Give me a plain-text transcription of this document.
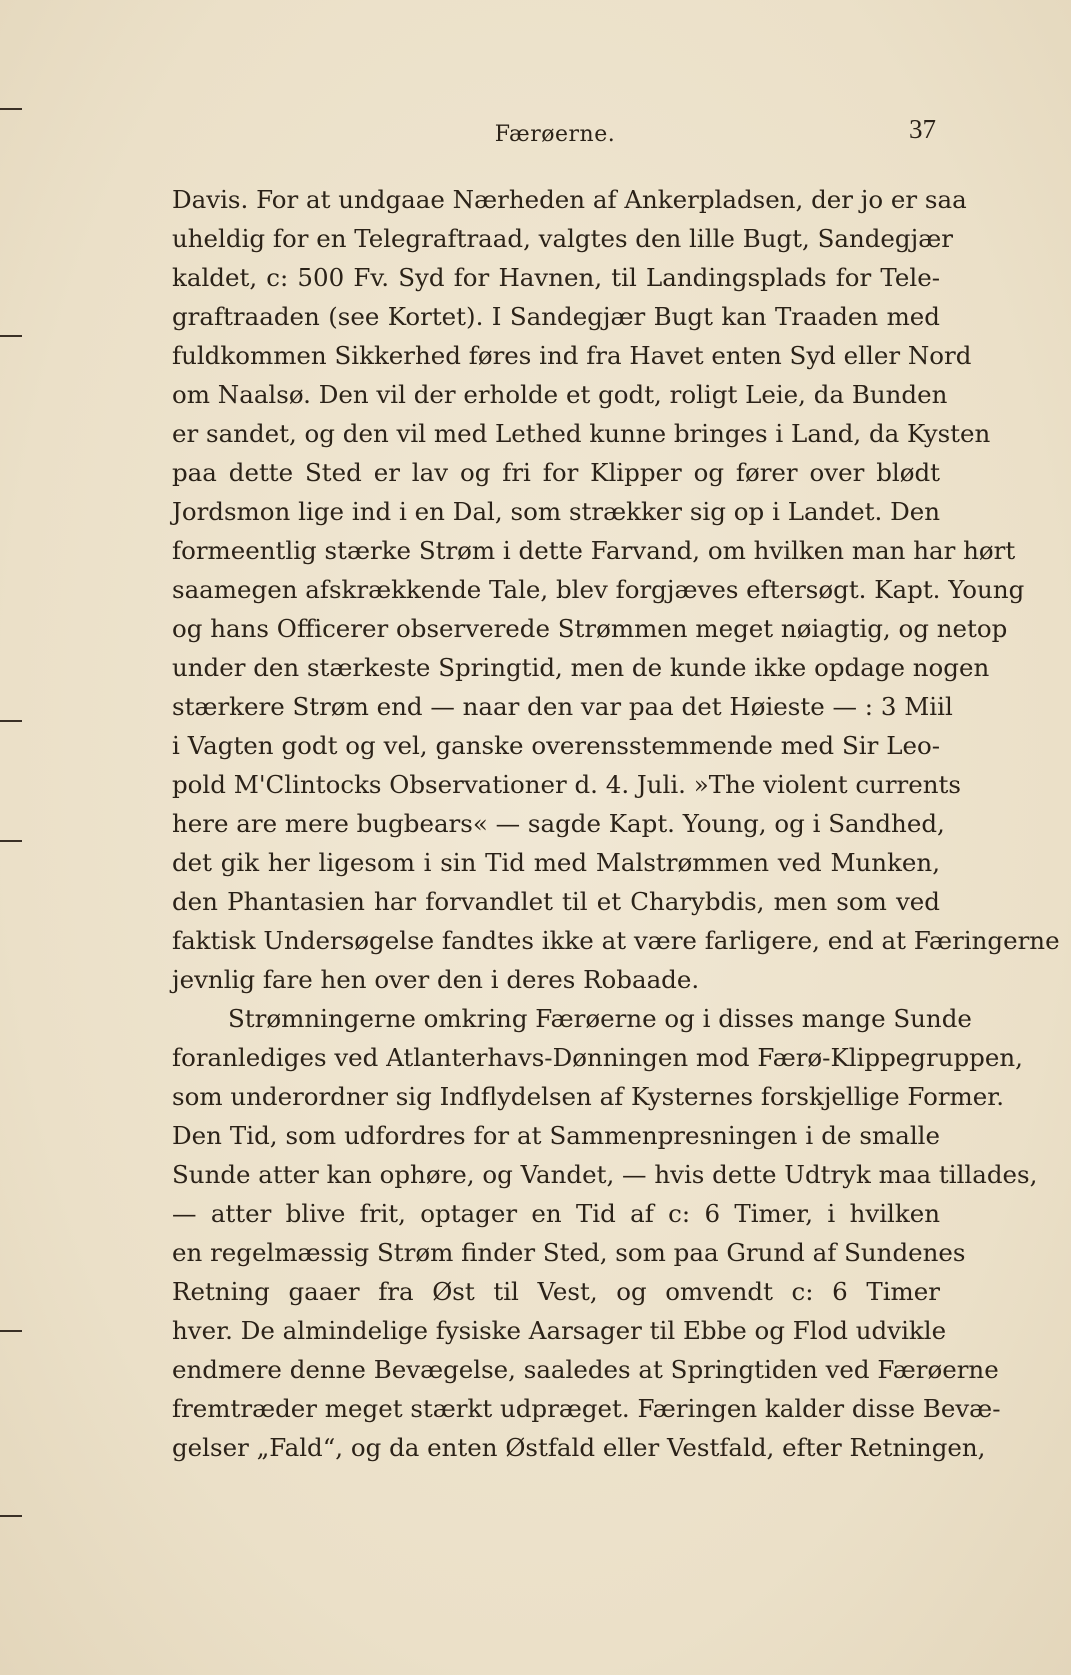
Færøerne.	37
Davis. For at undgaae Nærheden af Ankerpladsen, der jo er saa
uheldig for en Telegraftraad, valgtes den lille Bugt, Sandegjær
kaldet, c: 500 Fv. Syd for Havnen, til Landingsplads for Tele-
graftraaden (see Kortet). I Sandegjær Bugt kan Traaden med
fuldkommen Sikkerhed føres ind fra Havet enten Syd eller Nord
om Naalsø. Den vil der erholde et godt, roligt Leie, da Bunden
er sandet, og den vil med Lethed kunne bringes i Land, da Kysten
paa dette Sted er lav og fri for Klipper og fører over blødt
Jordsmon lige ind i en Dal, som strækker sig op i Landet. Den
formeentlig stærke Strøm i dette Farvand, om hvilken man har hørt
saamegen afskrækkende Tale, blev forgjæves eftersøgt. Kapt. Young
og hans Officerer observerede Strømmen meget nøiagtig, og netop
under den stærkeste Springtid, men de kunde ikke opdage nogen
stærkere Strøm end — naar den var paa det Høieste — : 3 Miil
i Vagten godt og vel, ganske overensstemmende med Sir Leo-
pold M'Clintocks Observationer d. 4. Juli. »The violent currents
here are mere bugbears« — sagde Kapt. Young, og i Sandhed,
det gik her ligesom i sin Tid med Malstrømmen ved Munken,
den Phantasien har forvandlet til et Charybdis, men som ved
faktisk Undersøgelse fandtes ikke at være farligere, end at Færingerne
jevnlig fare hen over den i deres Robaade.
Strømningerne omkring Færøerne og i disses mange Sunde
foranlediges ved Atlanterhavs-Dønningen mod Færø-Klippegruppen,
som underordner sig Indflydelsen af Kysternes forskjellige Former.
Den Tid, som udfordres for at Sammenpresningen i de smalle
Sunde atter kan ophøre, og Vandet, — hvis dette Udtryk maa tillades,
— atter blive frit, optager en Tid af c: 6 Timer, i hvilken
en regelmæssig Strøm finder Sted, som paa Grund af Sundenes
Retning gaaer fra Øst til Vest, og omvendt c: 6 Timer
hver. De almindelige fysiske Aarsager til Ebbe og Flod udvikle
endmere denne Bevægelse, saaledes at Springtiden ved Færøerne
fremtræder meget stærkt udpræget. Færingen kalder disse Bevæ-
gelser „Fald“, og da enten Østfald eller Vestfald, efter Retningen,
